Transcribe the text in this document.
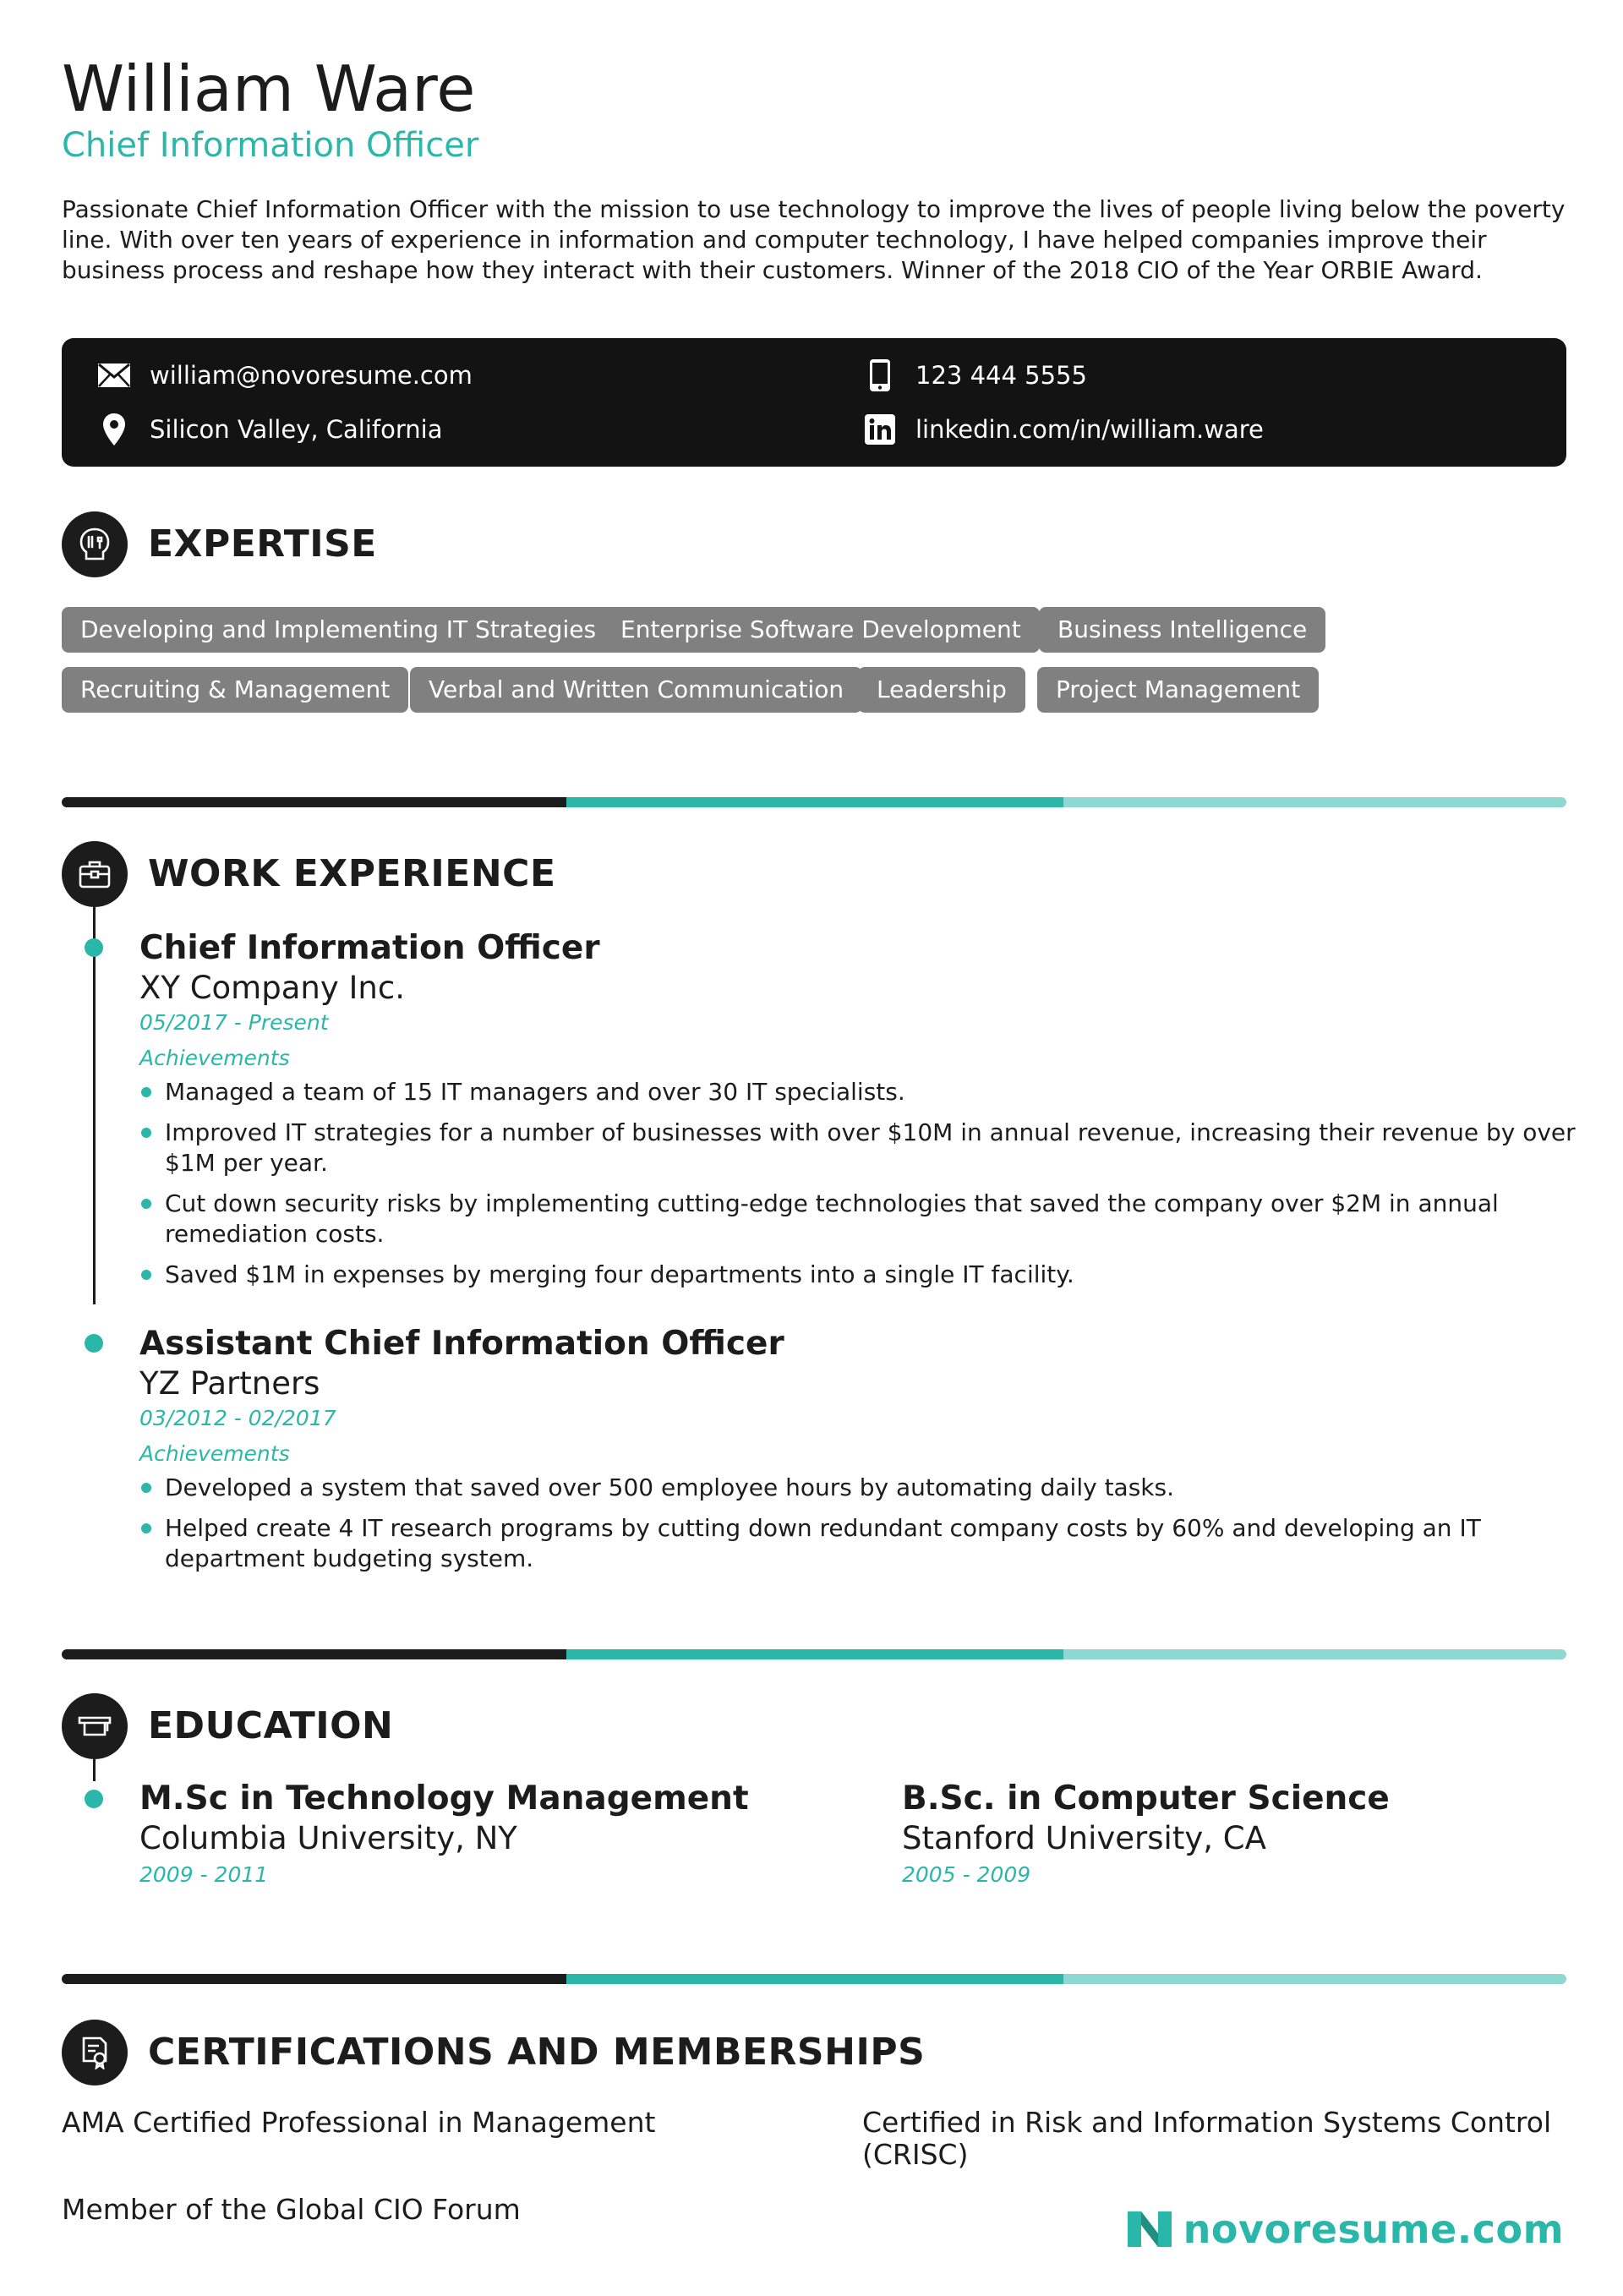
William Ware
Chief Information Officer
Passionate Chief Information Officer with the mission to use technology to improve the lives of people living below the poverty line. With over ten years of experience in information and computer technology, I have helped companies improve their business process and reshape how they interact with their customers. Winner of the 2018 CIO of the Year ORBIE Award.
william@novoresume.com	123 444 5555
Silicon Valley, California	linkedin.com/in/william.ware
EXPERTISE
Developing and Implementing IT Strategies	Enterprise Software Development	Business Intelligence
Recruiting & Management	Verbal and Written Communication	Leadership	Project Management
WORK EXPERIENCE
Chief Information Officer
XY Company Inc.
05/2017 - Present
Achievements
Managed a team of 15 IT managers and over 30 IT specialists.
Improved IT strategies for a number of businesses with over $10M in annual revenue, increasing their revenue by over $1M per year.
Cut down security risks by implementing cutting-edge technologies that saved the company over $2M in annual remediation costs.
Saved $1M in expenses by merging four departments into a single IT facility.
Assistant Chief Information Officer
YZ Partners
03/2012 - 02/2017
Achievements
Developed a system that saved over 500 employee hours by automating daily tasks.
Helped create 4 IT research programs by cutting down redundant company costs by 60% and developing an IT department budgeting system.
EDUCATION
M.Sc in Technology Management
Columbia University, NY
2009 - 2011
B.Sc. in Computer Science
Stanford University, CA
2005 - 2009
CERTIFICATIONS AND MEMBERSHIPS
AMA Certified Professional in Management	Certified in Risk and Information Systems Control (CRISC)
Member of the Global CIO Forum	novoresume.com
